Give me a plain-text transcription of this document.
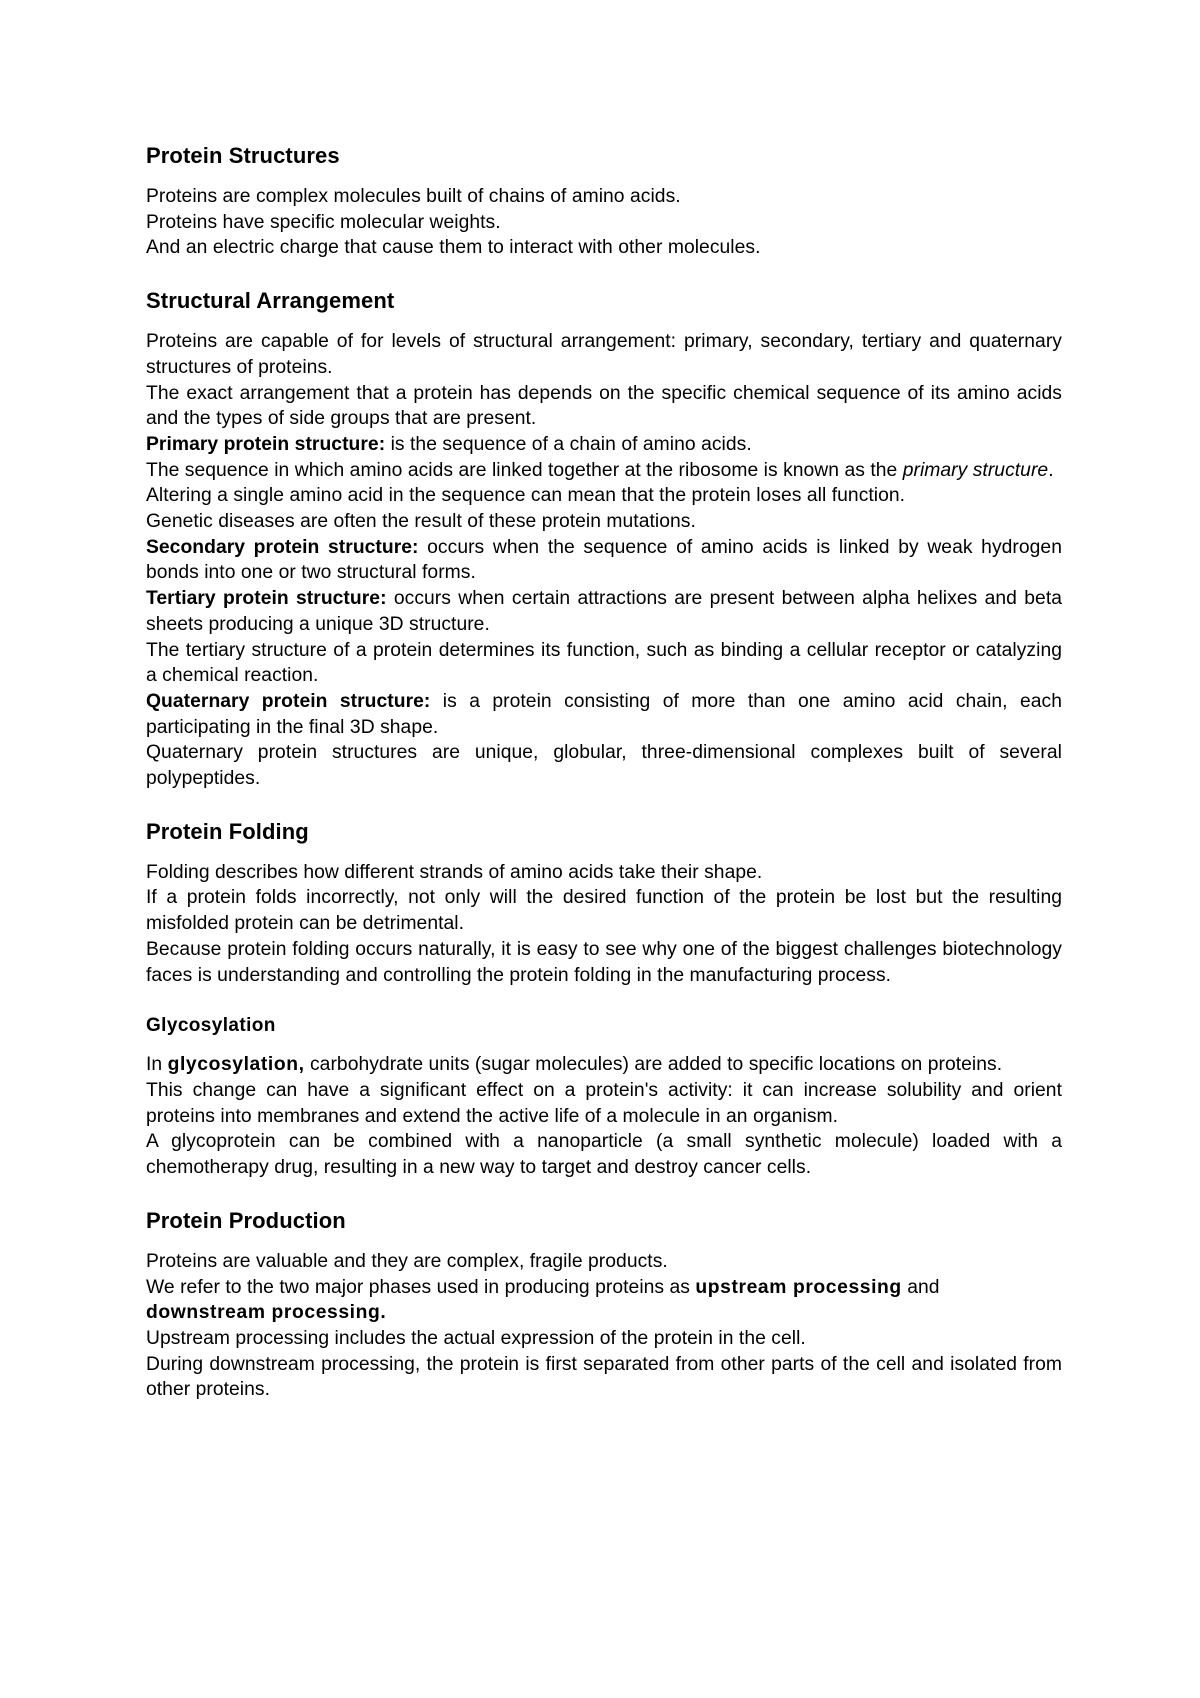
Protein Structures

Proteins are complex molecules built of chains of amino acids.

Proteins have specific molecular weights.

And an electric charge that cause them to interact with other molecules.

Structural Arrangement

Proteins are capable of for levels of structural arrangement: primary, secondary, tertiary and quaternary structures of proteins.

The exact arrangement that a protein has depends on the specific chemical sequence of its amino acids and the types of side groups that are present.

Primary protein structure: is the sequence of a chain of amino acids.

The sequence in which amino acids are linked together at the ribosome is known as the primary structure.

Altering a single amino acid in the sequence can mean that the protein loses all function.

Genetic diseases are often the result of these protein mutations.

Secondary protein structure: occurs when the sequence of amino acids is linked by weak hydrogen bonds into one or two structural forms.

Tertiary protein structure: occurs when certain attractions are present between alpha helixes and beta sheets producing a unique 3D structure.

The tertiary structure of a protein determines its function, such as binding a cellular receptor or catalyzing a chemical reaction.

Quaternary protein structure: is a protein consisting of more than one amino acid chain, each participating in the final 3D shape.

Quaternary protein structures are unique, globular, three-dimensional complexes built of several polypeptides.

Protein Folding

Folding describes how different strands of amino acids take their shape.

If a protein folds incorrectly, not only will the desired function of the protein be lost but the resulting misfolded protein can be detrimental.

Because protein folding occurs naturally, it is easy to see why one of the biggest challenges biotechnology faces is understanding and controlling the protein folding in the manufacturing process.

Glycosylation

In glycosylation, carbohydrate units (sugar molecules) are added to specific locations on proteins.

This change can have a significant effect on a protein's activity: it can increase solubility and orient proteins into membranes and extend the active life of a molecule in an organism.

A glycoprotein can be combined with a nanoparticle (a small synthetic molecule) loaded with a chemotherapy drug, resulting in a new way to target and destroy cancer cells.

Protein Production

Proteins are valuable and they are complex, fragile products.

We refer to the two major phases used in producing proteins as upstream processing and downstream processing.

Upstream processing includes the actual expression of the protein in the cell.

During downstream processing, the protein is first separated from other parts of the cell and isolated from other proteins.
